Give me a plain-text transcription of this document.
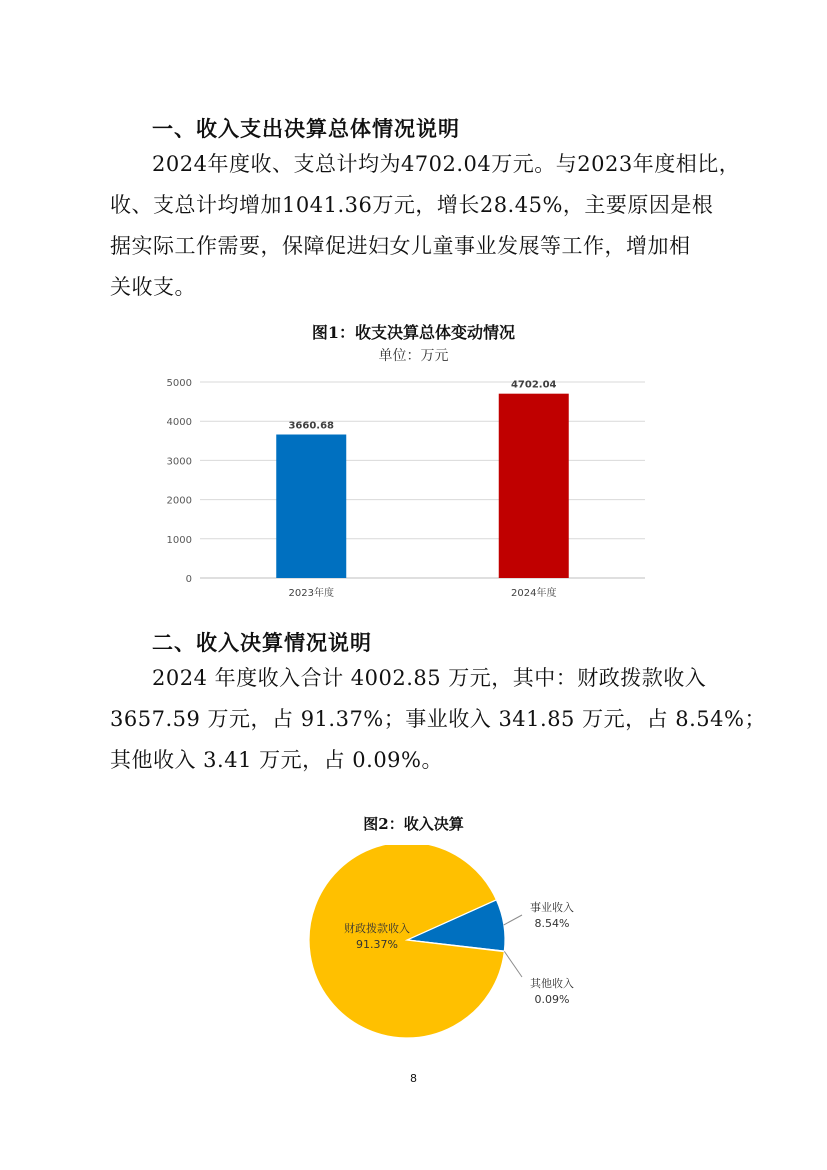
一、收入支出决算总体情况说明
2024年度收、支总计均为4702.04万元。与2023年度相比，
收、支总计均增加1041.36万元，增长28.45%，主要原因是根
据实际工作需要，保障促进妇女儿童事业发展等工作，增加相
关收支。
图1：收支决算总体变动情况
单位：万元
0
1000
2000
3000
4000
5000
3660.68
4702.04
2023年度	2024年度
二、收入决算情况说明
2024 年度收入合计 4002.85 万元，其中：财政拨款收入
3657.59 万元，占 91.37%；事业收入 341.85 万元，占 8.54%；
其他收入 3.41 万元，占 0.09%。
图2：收入决算
财政拨款收入
91.37%
事业收入
8.54%
其他收入
0.09%
8
